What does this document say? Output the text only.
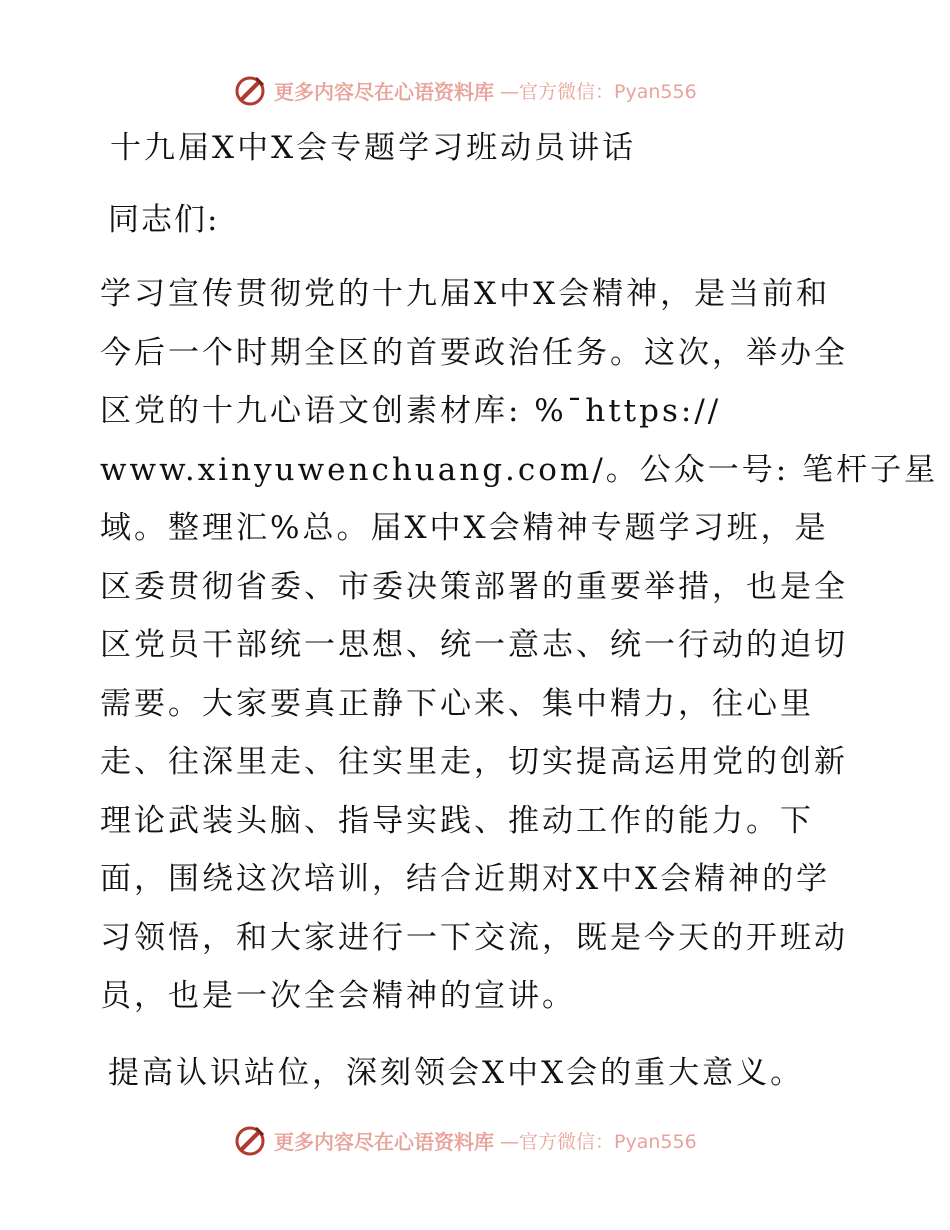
更多内容尽在心语资料库 —官方微信：Pyan556
十九届X中X会专题学习班动员讲话
同志们:
学习宣传贯彻党的十九届X中X会精神，是当前和
今后一个时期全区的首要政治任务。这次，举办全
区党的十九心语文创素材库: %¯https://
www.xinyuwenchuang.com/。公众一号: 笔杆子星
域。整理汇%总。届X中X会精神专题学习班，是
区委贯彻省委、市委决策部署的重要举措，也是全
区党员干部统一思想、统一意志、统一行动的迫切
需要。大家要真正静下心来、集中精力，往心里
走、往深里走、往实里走，切实提高运用党的创新
理论武装头脑、指导实践、推动工作的能力。下
面，围绕这次培训，结合近期对X中X会精神的学
习领悟，和大家进行一下交流，既是今天的开班动
员，也是一次全会精神的宣讲。
提高认识站位，深刻领会X中X会的重大意义。
更多内容尽在心语资料库 —官方微信：Pyan556
